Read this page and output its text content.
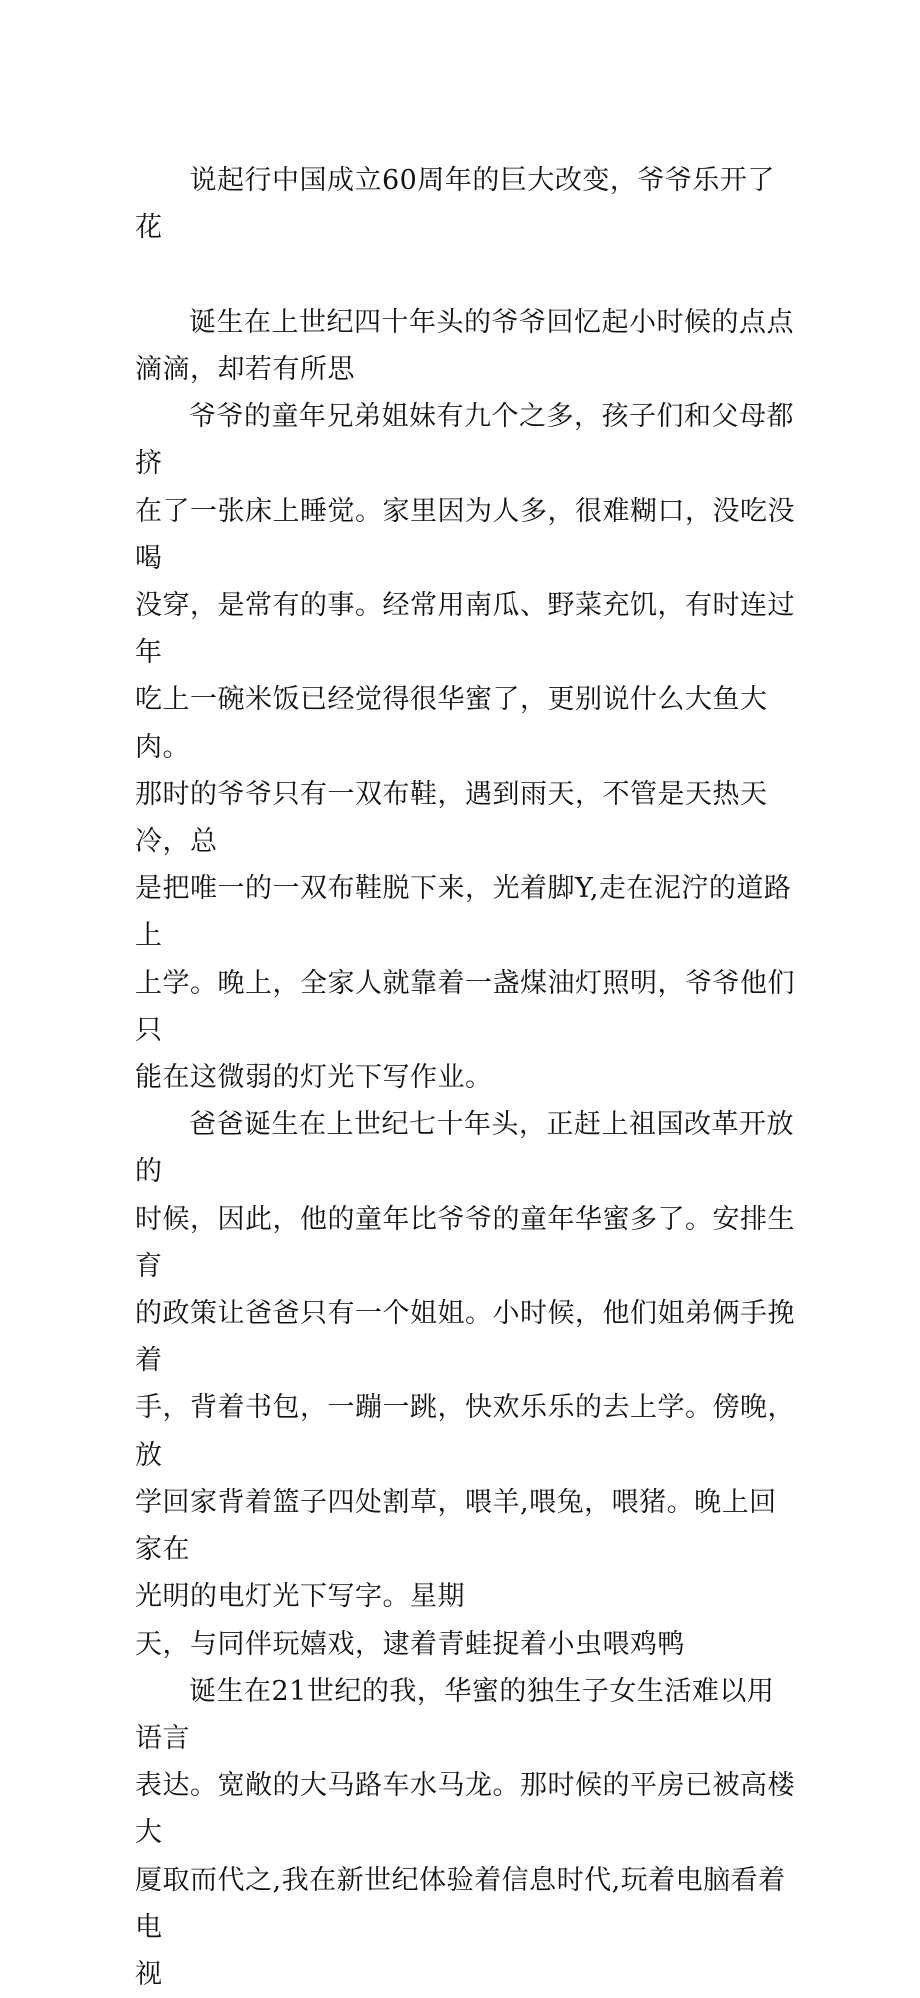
说起行中国成立60周年的巨大改变，爷爷乐开了花

诞生在上世纪四十年头的爷爷回忆起小时候的点点
滴滴，却若有所思

爷爷的童年兄弟姐妹有九个之多，孩子们和父母都挤
在了一张床上睡觉。家里因为人多，很难糊口，没吃没喝
没穿，是常有的事。经常用南瓜、野菜充饥，有时连过年
吃上一碗米饭已经觉得很华蜜了，更别说什么大鱼大肉。
那时的爷爷只有一双布鞋，遇到雨天，不管是天热天冷，总
是把唯一的一双布鞋脱下来，光着脚Y,走在泥泞的道路上
上学。晚上，全家人就靠着一盏煤油灯照明，爷爷他们只
能在这微弱的灯光下写作业。

爸爸诞生在上世纪七十年头，正赶上祖国改革开放的
时候，因此，他的童年比爷爷的童年华蜜多了。安排生育
的政策让爸爸只有一个姐姐。小时候，他们姐弟俩手挽着
手，背着书包，一蹦一跳，快欢乐乐的去上学。傍晚，放
学回家背着篮子四处割草，喂羊,喂兔，喂猪。晚上回家在
光明的电灯光下写字。星期

天，与同伴玩嬉戏，逮着青蛙捉着小虫喂鸡鸭

诞生在21世纪的我，华蜜的独生子女生活难以用语言
表达。宽敞的大马路车水马龙。那时候的平房已被高楼大
厦取而代之,我在新世纪体验着信息时代,玩着电脑看着电
视
